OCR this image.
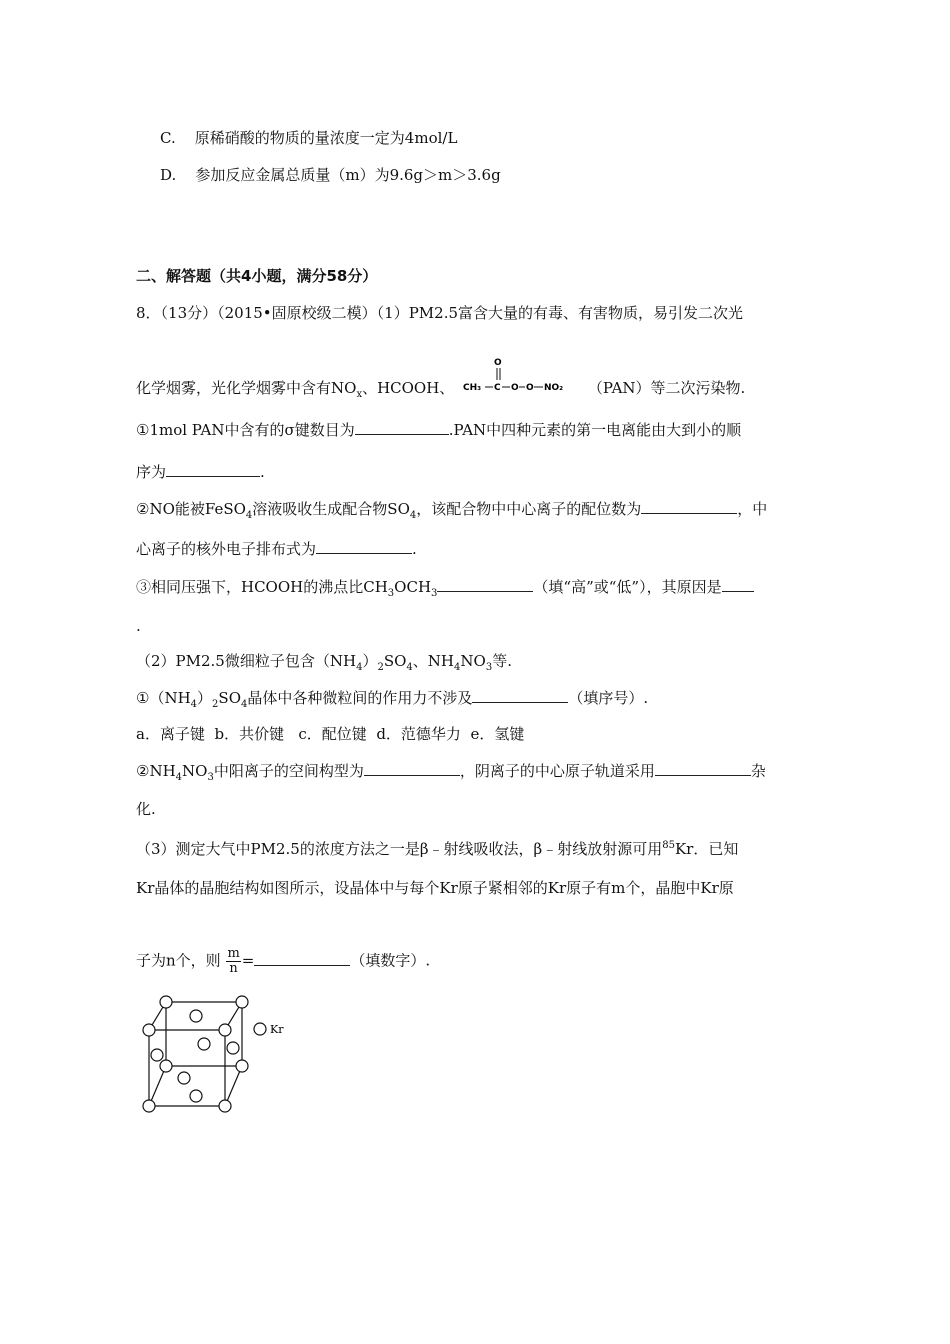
C. 原稀硝酸的物质的量浓度一定为4mol/L
D. 参加反应金属总质量（m）为9.6g＞m＞3.6g
二、解答题（共4小题，满分58分）
8．（13分）（2015•固原校级二模）（1）PM2.5富含大量的有毒、有害物质，易引发二次光
化学烟雾，光化学烟雾中含有$NO_x$、HCOOH、 CH₃ C
O
O O NO₂ （PAN）等二次污染物.
①1mol PAN中含有的σ键数目为	.PAN中四种元素的第一电离能由大到小的顺
序为	.
②NO能被FeSO$_4$溶液吸收生成配合物$SO_4$，该配合物中中心离子的配位数为	，中
心离子的核外电子排布式为	.
③相同压强下，HCOOH的沸点比$CH_3OCH_3$	（填“高”或“低”），其原因是
.
（2）PM2.5微细粒子包含$(NH_4)_2SO_4$、$NH_4NO_3$等.
$①(NH_4)_2SO_4$晶体中各种微粒间的作用力不涉及	（填序号）.
a．离子键  b．共价键   c．配位键  d．范德华力  e．氢键
$②NH_4NO_3$中阳离子的空间构型为	，阴离子的中心原子轨道采用	杂
化.
（3）测定大气中PM2.5的浓度方法之一是β﹣射线吸收法，β﹣射线放射源可用$^{85}$Kr．已知
Kr晶体的晶胞结构如图所示，设晶体中与每个Kr原子紧相邻的Kr原子有m个，晶胞中Kr原
子为n个，则 $\frac{m}{n}$ =	（填数字）.
Kr
